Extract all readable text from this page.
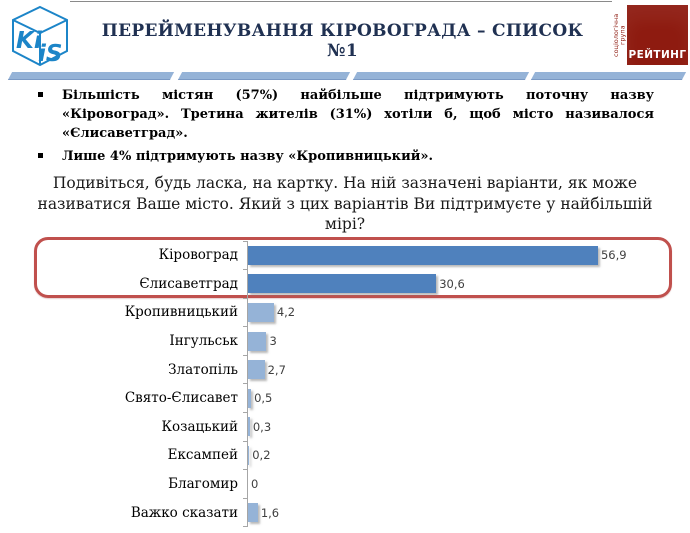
Ki
iS
ПЕРЕЙМЕНУВАННЯ КІРОВОГРАДА – СПИСОК №1	соціологічна група
РЕЙТИНГ
Більшість містян (57%) найбільше підтримують поточну назву «Кіровоград». Третина жителів (31%) хотіли б, щоб місто називалося «Єлисаветград».
Лише 4% підтримують назву «Кропивницький».
Подивіться, будь ласка, на картку. На ній зазначені варіанти, як може називатися Ваше місто. Який з цих варіантів Ви підтримуєте у найбільшій мірі?
Кіровоград	56,9
Єлисаветград	30,6
Кропивницький	4,2
Інгульськ	3
Златопіль	2,7
Свято-Єлисавет	0,5
Козацький	0,3
Ексампей	0,2
Благомир	0
Важко сказати	1,6
